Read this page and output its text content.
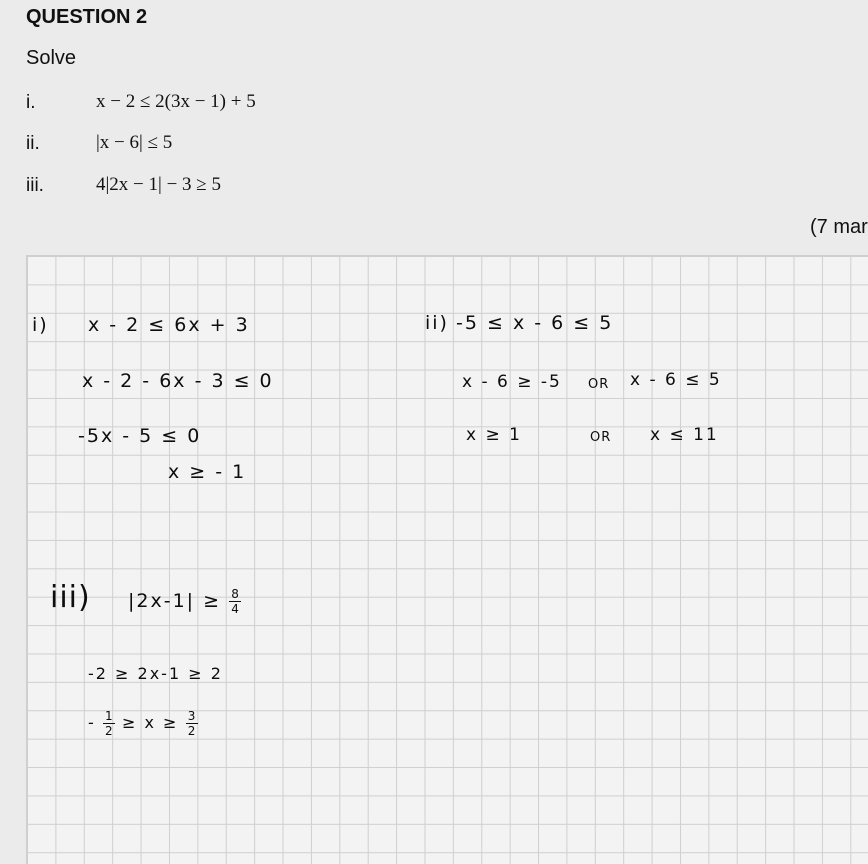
QUESTION 2
Solve
i.	x − 2 ≤ 2(3x − 1) + 5
ii.	|x − 6| ≤ 5
iii.	4|2x − 1| − 3 ≥ 5
(7 mar
i) x - 2 ≤ 6x + 3
x - 2 - 6x - 3 ≤ 0
-5x - 5 ≤ 0
x ≥ - 1
ii) -5 ≤ x - 6 ≤ 5
x - 6 ≥ -5 OR x - 6 ≤ 5
x ≥ 1	OR x ≤ 11
iii) $|2x-1| \ge \frac{8}{4}$
-2 ≥ 2x-1 ≥ 2
- $\frac{1}{2} \ge x \ge \frac{3}{2}$
